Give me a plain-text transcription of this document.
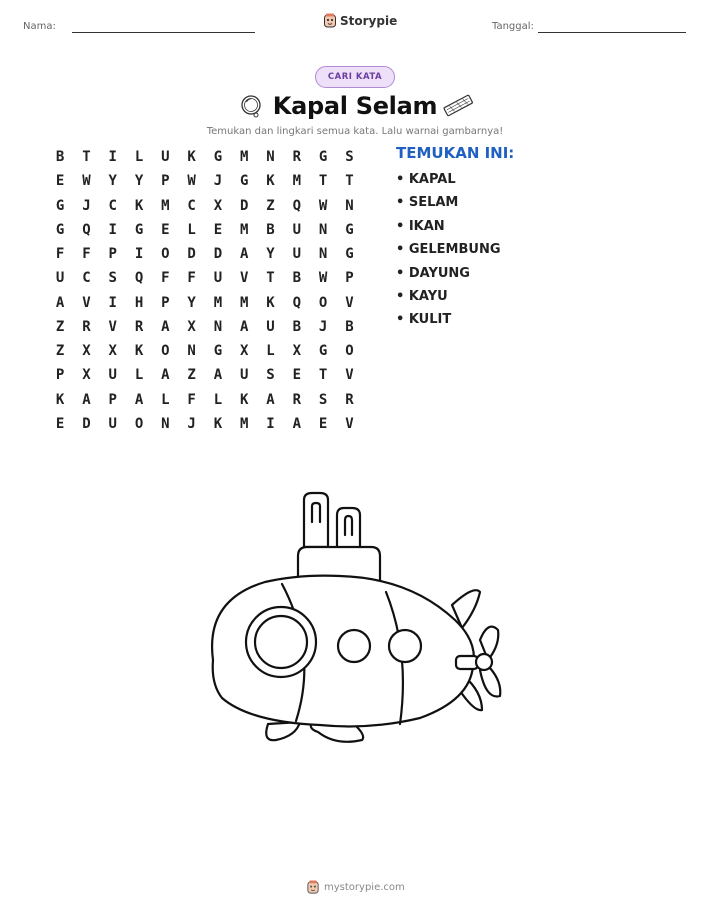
Nama:	Storypie	Tanggal:
CARI KATA
Kapal Selam
Temukan dan lingkari semua kata. Lalu warnai gambarnya!
B	T	I	L	U	K	G	M	N	R	G	S
E	W	Y	Y	P	W	J	G	K	M	T	T
G	J	C	K	M	C	X	D	Z	Q	W	N
G	Q	I	G	E	L	E	M	B	U	N	G
F	F	P	I	O	D	D	A	Y	U	N	G
U	C	S	Q	F	F	U	V	T	B	W	P
A	V	I	H	P	Y	M	M	K	Q	O	V
Z	R	V	R	A	X	N	A	U	B	J	B
Z	X	X	K	O	N	G	X	L	X	G	O
P	X	U	L	A	Z	A	U	S	E	T	V
K	A	P	A	L	F	L	K	A	R	S	R
E	D	U	O	N	J	K	M	I	A	E	V
TEMUKAN INI:
• KAPAL
• SELAM
• IKAN
• GELEMBUNG
• DAYUNG
• KAYU
• KULIT
mystorypie.com
